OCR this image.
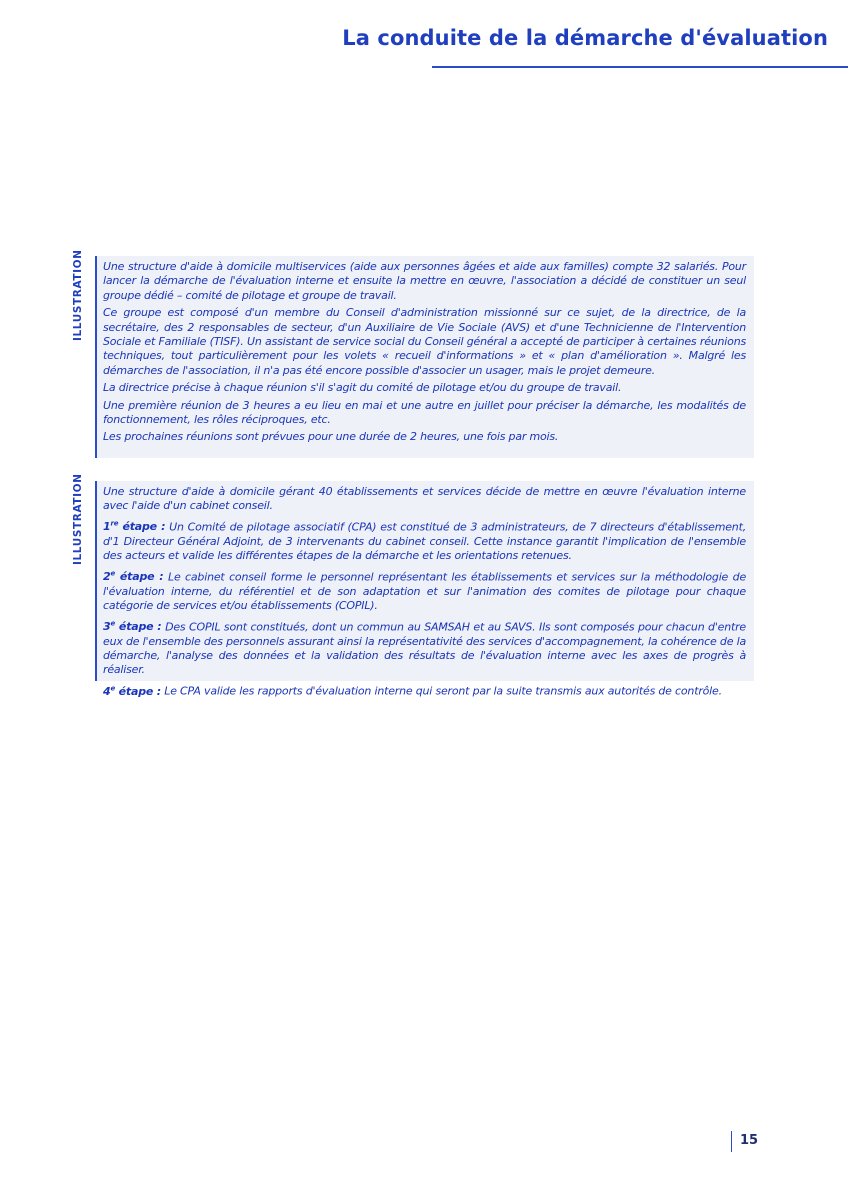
La conduite de la démarche d'évaluation
ILLUSTRATION	Une structure d'aide à domicile multiservices (aide aux personnes âgées et aide aux familles) compte 32 salariés. Pour lancer la démarche de l'évaluation interne et ensuite la mettre en œuvre, l'association a décidé de constituer un seul groupe dédié – comité de pilotage et groupe de travail.

Ce groupe est composé d'un membre du Conseil d'administration missionné sur ce sujet, de la directrice, de la secrétaire, des 2 responsables de secteur, d'un Auxiliaire de Vie Sociale (AVS) et d'une Technicienne de l'Intervention Sociale et Familiale (TISF). Un assistant de service social du Conseil général a accepté de participer à certaines réunions techniques, tout particulièrement pour les volets « recueil d'informations » et « plan d'amélioration ». Malgré les démarches de l'association, il n'a pas été encore possible d'associer un usager, mais le projet demeure.

La directrice précise à chaque réunion s'il s'agit du comité de pilotage et/ou du groupe de travail.

Une première réunion de 3 heures a eu lieu en mai et une autre en juillet pour préciser la démarche, les modalités de fonctionnement, les rôles réciproques, etc.

Les prochaines réunions sont prévues pour une durée de 2 heures, une fois par mois.

ILLUSTRATION	Une structure d'aide à domicile gérant 40 établissements et services décide de mettre en œuvre l'évaluation interne avec l'aide d'un cabinet conseil.

1re étape : Un Comité de pilotage associatif (CPA) est constitué de 3 administrateurs, de 7 directeurs d'établissement, d'1 Directeur Général Adjoint, de 3 intervenants du cabinet conseil. Cette instance garantit l'implication de l'ensemble des acteurs et valide les différentes étapes de la démarche et les orientations retenues.

2e étape : Le cabinet conseil forme le personnel représentant les établissements et services sur la méthodologie de l'évaluation interne, du référentiel et de son adaptation et sur l'animation des comites de pilotage pour chaque catégorie de services et/ou établissements (COPIL).

3e étape : Des COPIL sont constitués, dont un commun au SAMSAH et au SAVS. Ils sont composés pour chacun d'entre eux de l'ensemble des personnels assurant ainsi la représentativité des services d'accompagnement, la cohérence de la démarche, l'analyse des données et la validation des résultats de l'évaluation interne avec les axes de progrès à réaliser.

4e étape : Le CPA valide les rapports d'évaluation interne qui seront par la suite transmis aux autorités de contrôle.

15
